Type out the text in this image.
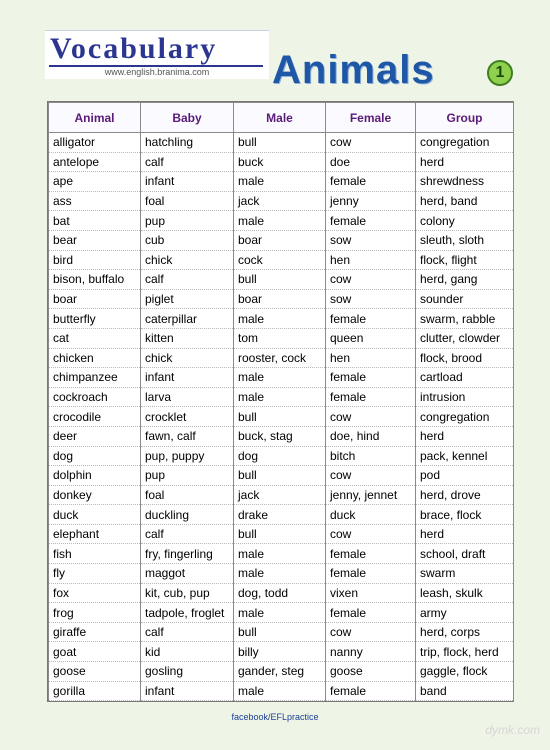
Vocabulary
www.english.branima.com	Animals	1
Animal	Baby	Male	Female	Group
alligator	hatchling	bull	cow	congregation
antelope	calf	buck	doe	herd
ape	infant	male	female	shrewdness
ass	foal	jack	jenny	herd, band
bat	pup	male	female	colony
bear	cub	boar	sow	sleuth, sloth
bird	chick	cock	hen	flock, flight
bison, buffalo	calf	bull	cow	herd, gang
boar	piglet	boar	sow	sounder
butterfly	caterpillar	male	female	swarm, rabble
cat	kitten	tom	queen	clutter, clowder
chicken	chick	rooster, cock	hen	flock, brood
chimpanzee	infant	male	female	cartload
cockroach	larva	male	female	intrusion
crocodile	crocklet	bull	cow	congregation
deer	fawn, calf	buck, stag	doe, hind	herd
dog	pup, puppy	dog	bitch	pack, kennel
dolphin	pup	bull	cow	pod
donkey	foal	jack	jenny, jennet	herd, drove
duck	duckling	drake	duck	brace, flock
elephant	calf	bull	cow	herd
fish	fry, fingerling	male	female	school, draft
fly	maggot	male	female	swarm
fox	kit, cub, pup	dog, todd	vixen	leash, skulk
frog	tadpole, froglet	male	female	army
giraffe	calf	bull	cow	herd, corps
goat	kid	billy	nanny	trip, flock, herd
goose	gosling	gander, steg	goose	gaggle, flock
gorilla	infant	male	female	band
facebook/EFLpractice
dymk.com
